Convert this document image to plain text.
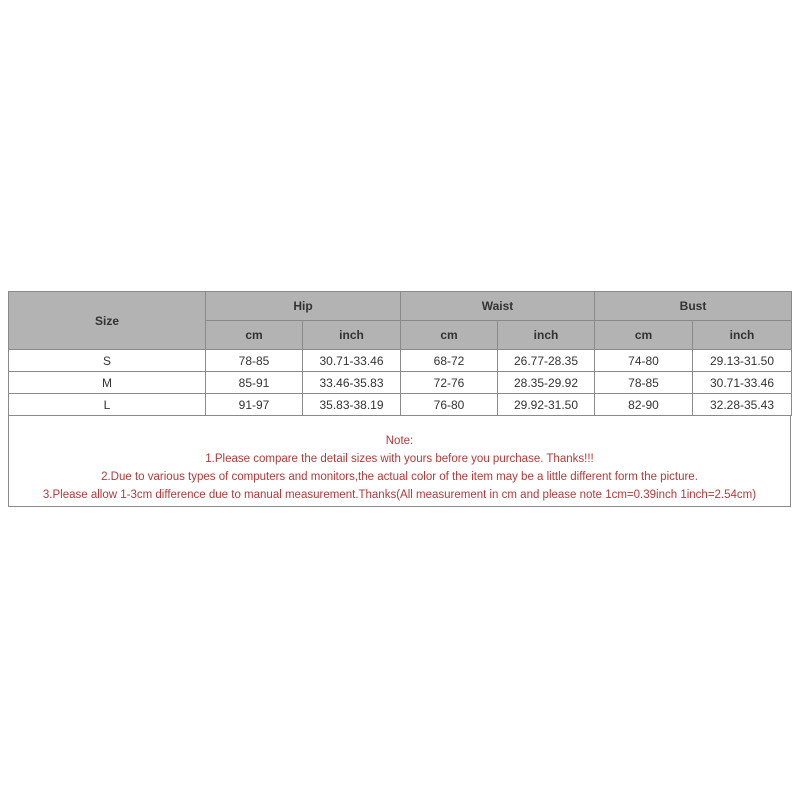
Size	Hip		Waist		Bust	
	cm	inch	cm	inch	cm	inch
S	78-85	30.71-33.46	68-72	26.77-28.35	74-80	29.13-31.50
M	85-91	33.46-35.83	72-76	28.35-29.92	78-85	30.71-33.46
L	91-97	35.83-38.19	76-80	29.92-31.50	82-90	32.28-35.43
Note:
1.Please compare the detail sizes with yours before you purchase. Thanks!!!
2.Due to various types of computers and monitors,the actual color of the item may be a little different form the picture.
3.Please allow 1-3cm difference due to manual measurement.Thanks(All measurement in cm and please note 1cm=0.39inch 1inch=2.54cm)
